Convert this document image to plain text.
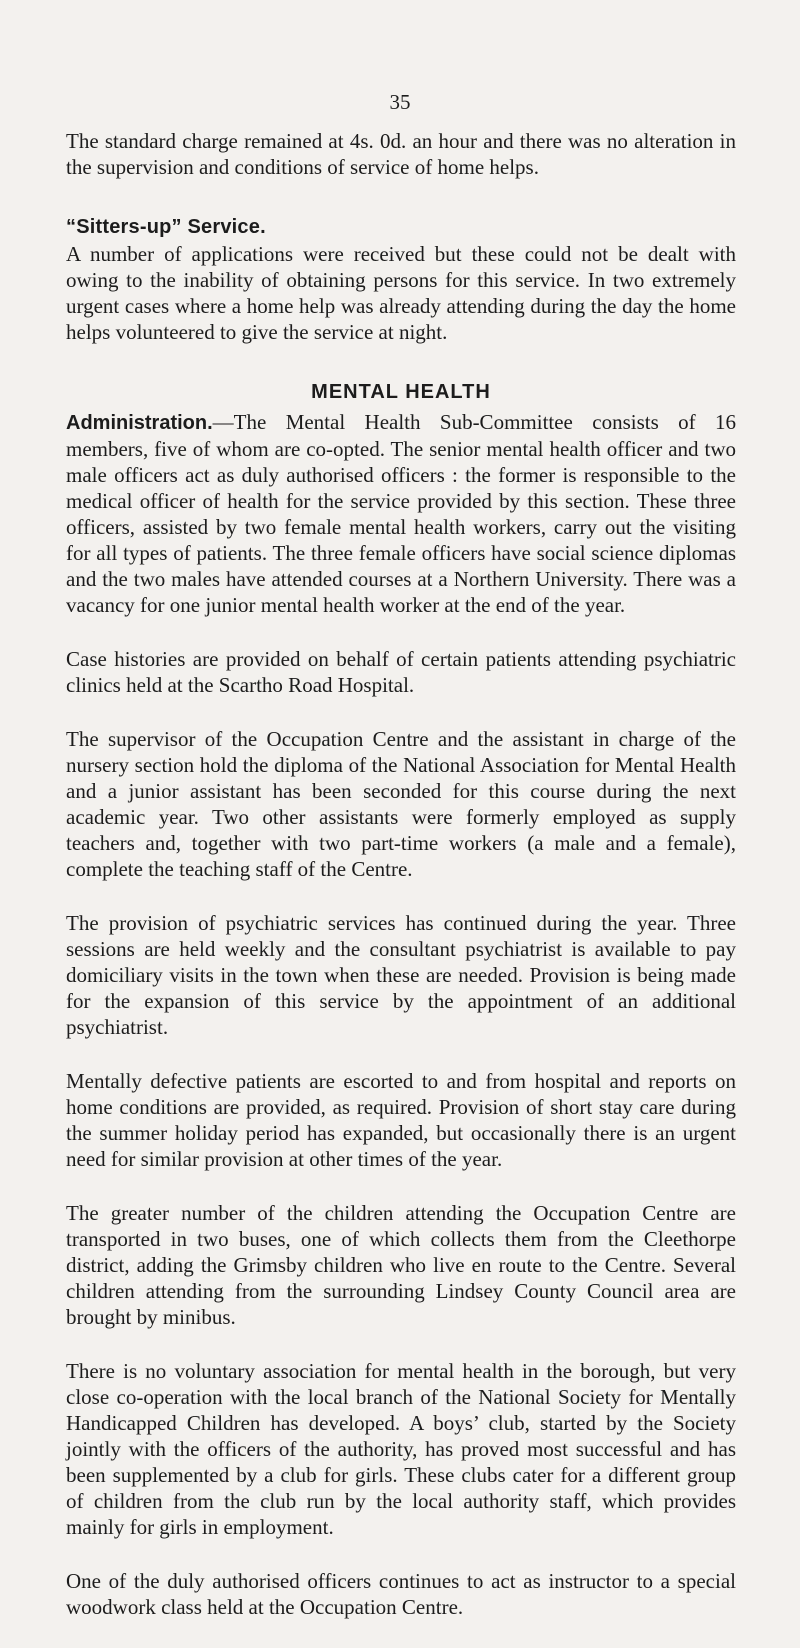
35

The standard charge remained at 4s. 0d. an hour and there was no alteration in the supervision and conditions of service of home helps.

“Sitters-up” Service.

A number of applications were received but these could not be dealt with owing to the inability of obtaining persons for this service. In two extremely urgent cases where a home help was already attending during the day the home helps volunteered to give the service at night.

MENTAL HEALTH

Administration.—The Mental Health Sub-Committee consists of 16 members, five of whom are co-opted. The senior mental health officer and two male officers act as duly authorised officers : the former is responsible to the medical officer of health for the service provided by this section. These three officers, assisted by two female mental health workers, carry out the visiting for all types of patients. The three female officers have social science diplomas and the two males have attended courses at a Northern University. There was a vacancy for one junior mental health worker at the end of the year.

Case histories are provided on behalf of certain patients attending psychiatric clinics held at the Scartho Road Hospital.

The supervisor of the Occupation Centre and the assistant in charge of the nursery section hold the diploma of the National Association for Mental Health and a junior assistant has been seconded for this course during the next academic year. Two other assistants were formerly employed as supply teachers and, together with two part-time workers (a male and a female), complete the teaching staff of the Centre.

The provision of psychiatric services has continued during the year. Three sessions are held weekly and the consultant psychiatrist is available to pay domiciliary visits in the town when these are needed. Provision is being made for the expansion of this service by the appointment of an additional psychiatrist.

Mentally defective patients are escorted to and from hospital and reports on home conditions are provided, as required. Provision of short stay care during the summer holiday period has expanded, but occasionally there is an urgent need for similar provision at other times of the year.

The greater number of the children attending the Occupation Centre are transported in two buses, one of which collects them from the Cleethorpe district, adding the Grimsby children who live en route to the Centre. Several children attending from the surrounding Lindsey County Council area are brought by minibus.

There is no voluntary association for mental health in the borough, but very close co-operation with the local branch of the National Society for Mentally Handicapped Children has developed. A boys’ club, started by the Society jointly with the officers of the authority, has proved most successful and has been supplemented by a club for girls. These clubs cater for a different group of children from the club run by the local authority staff, which provides mainly for girls in employment.

One of the duly authorised officers continues to act as instructor to a special woodwork class held at the Occupation Centre.
